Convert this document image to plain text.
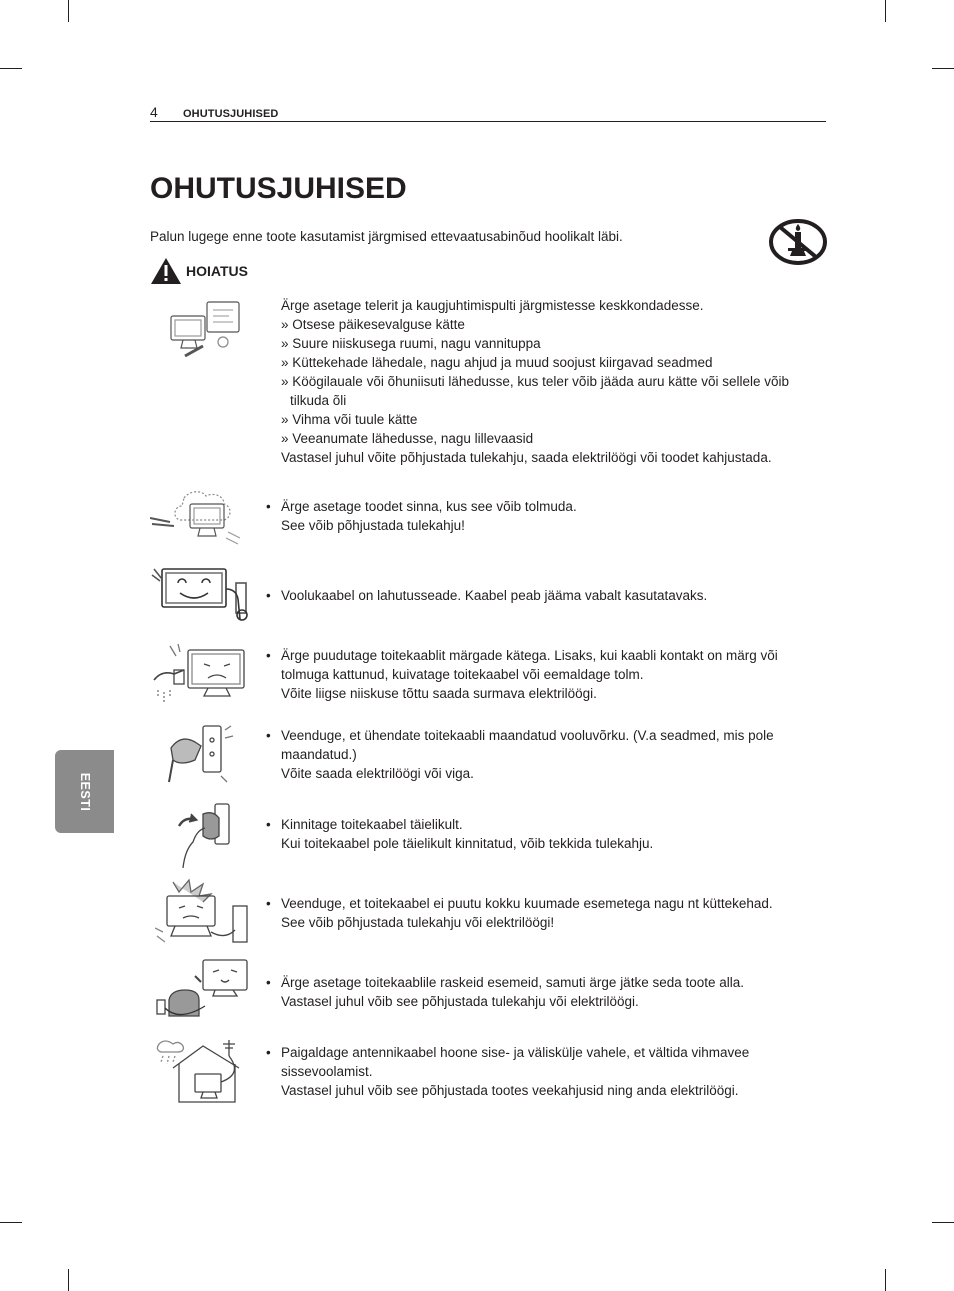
4 OHUTUSJUHISED
OHUTUSJUHISED
Palun lugege enne toote kasutamist järgmised ettevaatusabinõud hoolikalt läbi.
HOIATUS
EESTI
Ärge asetage telerit ja kaugjuhtimispulti järgmistesse keskkondadesse.
» Otsese päikesevalguse kätte
» Suure niiskusega ruumi, nagu vannituppa
» Küttekehade lähedale, nagu ahjud ja muud soojust kiirgavad seadmed
» Köögilauale või õhuniisuti lähedusse, kus teler võib jääda auru kätte või sellele võib
tilkuda õli
» Vihma või tuule kätte
» Veeanumate lähedusse, nagu lillevaasid
Vastasel juhul võite põhjustada tulekahju, saada elektrilöögi või toodet kahjustada.
• Ärge asetage toodet sinna, kus see võib tolmuda.
See võib põhjustada tulekahju!
• Voolukaabel on lahutusseade. Kaabel peab jääma vabalt kasutatavaks.
• Ärge puudutage toitekaablit märgade kätega. Lisaks, kui kaabli kontakt on märg või
tolmuga kattunud, kuivatage toitekaabel või eemaldage tolm.
Võite liigse niiskuse tõttu saada surmava elektrilöögi.
• Veenduge, et ühendate toitekaabli maandatud vooluvõrku. (V.a seadmed, mis pole
maandatud.)
Võite saada elektrilöögi või viga.
• Kinnitage toitekaabel täielikult.
Kui toitekaabel pole täielikult kinnitatud, võib tekkida tulekahju.
• Veenduge, et toitekaabel ei puutu kokku kuumade esemetega nagu nt küttekehad.
See võib põhjustada tulekahju või elektrilöögi!
• Ärge asetage toitekaablile raskeid esemeid, samuti ärge jätke seda toote alla.
Vastasel juhul võib see põhjustada tulekahju või elektrilöögi.
• Paigaldage antennikaabel hoone sise- ja väliskülje vahele, et vältida vihmavee
sissevoolamist.
Vastasel juhul võib see põhjustada tootes veekahjusid ning anda elektrilöögi.
